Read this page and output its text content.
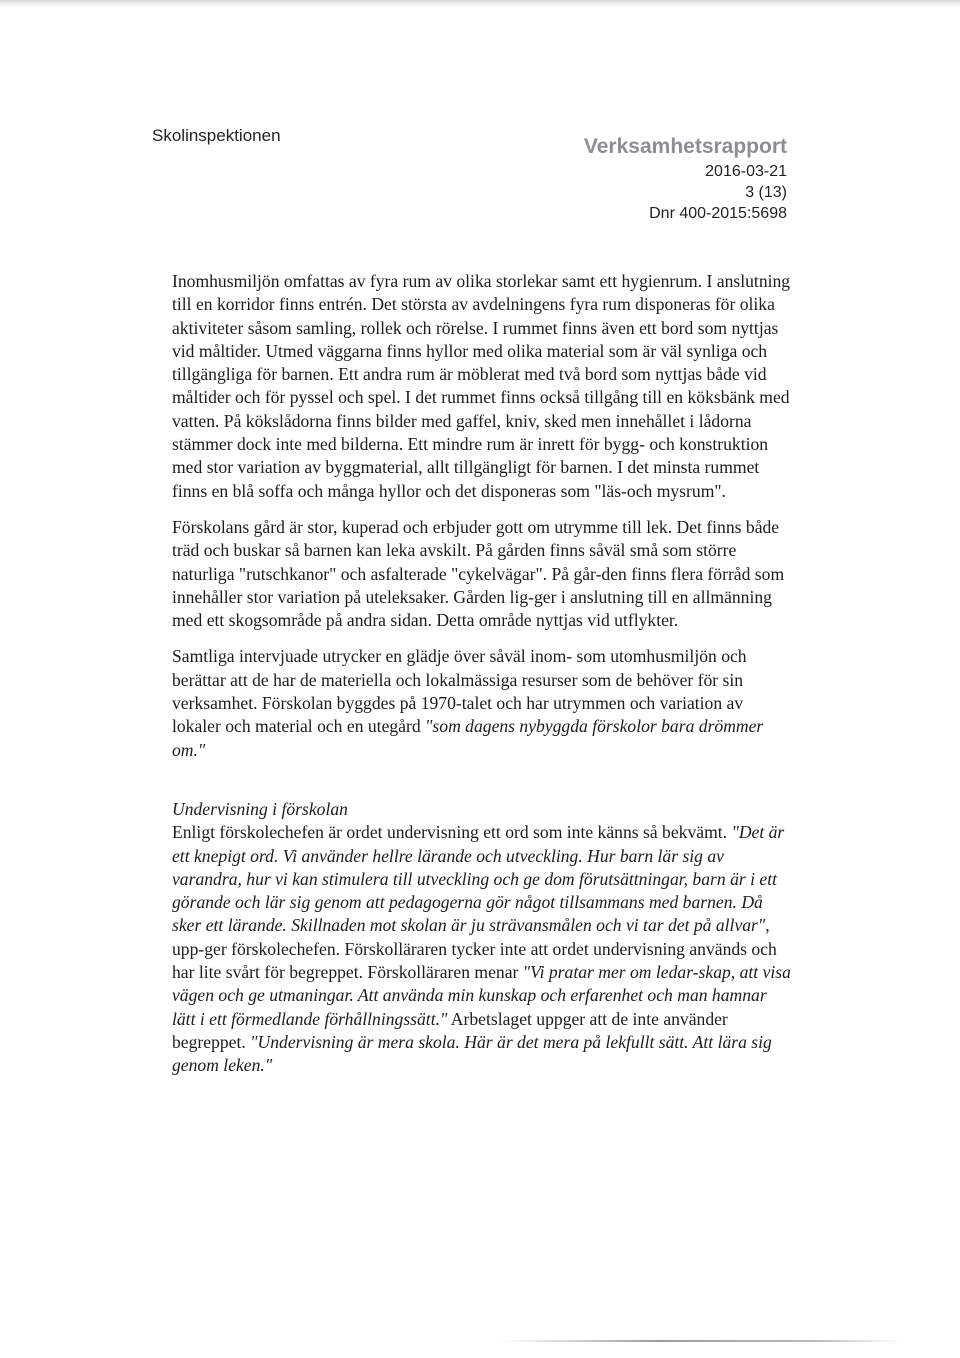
Skolinspektionen	Verksamhetsrapport
2016-03-21
3 (13)
Dnr 400-2015:5698

Inomhusmiljön omfattas av fyra rum av olika storlekar samt ett hygienrum. I anslutning till en korridor finns entrén. Det största av avdelningens fyra rum disponeras för olika aktiviteter såsom samling, rollek och rörelse. I rummet finns även ett bord som nyttjas vid måltider. Utmed väggarna finns hyllor med olika material som är väl synliga och tillgängliga för barnen. Ett andra rum är möblerat med två bord som nyttjas både vid måltider och för pyssel och spel. I det rummet finns också tillgång till en köksbänk med vatten. På kökslådorna finns bilder med gaffel, kniv, sked men innehållet i lådorna stämmer dock inte med bilderna. Ett mindre rum är inrett för bygg- och konstruktion med stor variation av byggmaterial, allt tillgängligt för barnen. I det minsta rummet finns en blå soffa och många hyllor och det disponeras som "läs-och mysrum".

Förskolans gård är stor, kuperad och erbjuder gott om utrymme till lek. Det finns både träd och buskar så barnen kan leka avskilt. På gården finns såväl små som större naturliga "rutschkanor" och asfalterade "cykelvägar". På går-den finns flera förråd som innehåller stor variation på uteleksaker. Gården lig-ger i anslutning till en allmänning med ett skogsområde på andra sidan. Detta område nyttjas vid utflykter.

Samtliga intervjuade utrycker en glädje över såväl inom- som utomhusmiljön och berättar att de har de materiella och lokalmässiga resurser som de behöver för sin verksamhet. Förskolan byggdes på 1970-talet och har utrymmen och variation av lokaler och material och en utegård "som dagens nybyggda förskolor bara drömmer om."

Undervisning i förskolan

Enligt förskolechefen är ordet undervisning ett ord som inte känns så bekvämt. "Det är ett knepigt ord. Vi använder hellre lärande och utveckling. Hur barn lär sig av varandra, hur vi kan stimulera till utveckling och ge dom förutsättningar, barn är i ett görande och lär sig genom att pedagogerna gör något tillsammans med barnen. Då sker ett lärande. Skillnaden mot skolan är ju strävansmålen och vi tar det på allvar", upp-ger förskolechefen. Förskolläraren tycker inte att ordet undervisning används och har lite svårt för begreppet. Förskolläraren menar "Vi pratar mer om ledar-skap, att visa vägen och ge utmaningar. Att använda min kunskap och erfarenhet och man hamnar lätt i ett förmedlande förhållningssätt." Arbetslaget uppger att de inte använder begreppet. "Undervisning är mera skola. Här är det mera på lekfullt sätt. Att lära sig genom leken."
